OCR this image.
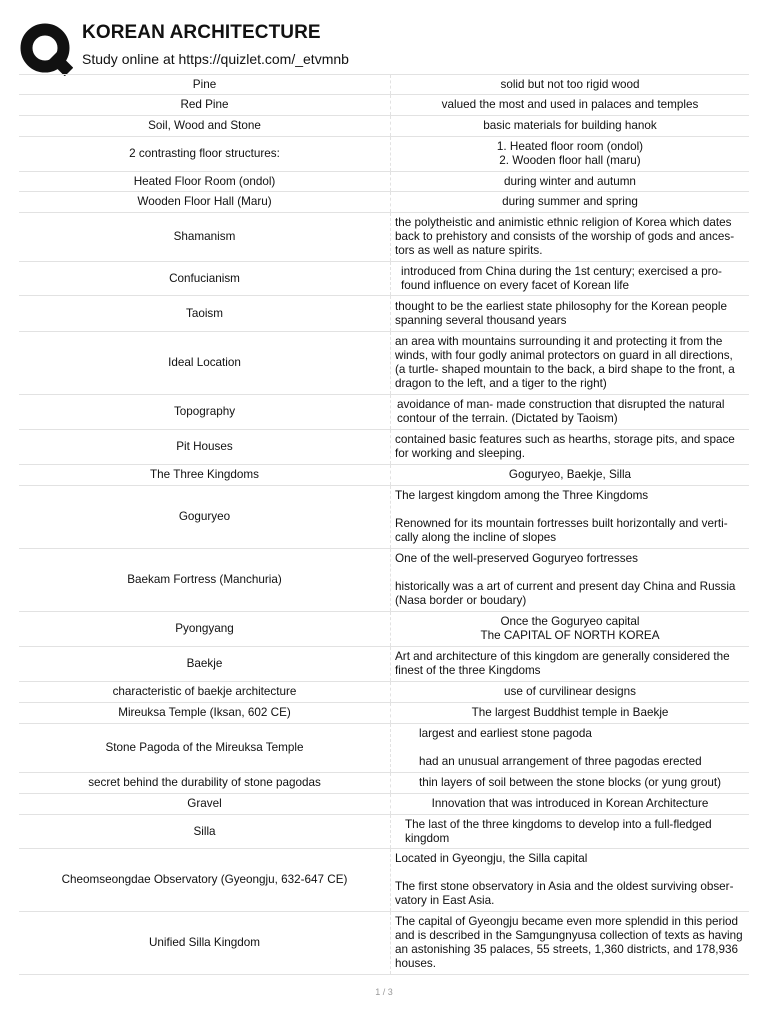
KOREAN ARCHITECTURE

Study online at https://quizlet.com/_etvmnb

Pine	solid but not too rigid wood

Red Pine	valued the most and used in palaces and temples

Soil, Wood and Stone	basic materials for building hanok

2 contrasting floor structures:	1. Heated floor room (ondol)

2. Wooden floor hall (maru)

Heated Floor Room (ondol)	during winter and autumn

Wooden Floor Hall (Maru)	during summer and spring

Shamanism	the polytheistic and animistic ethnic religion of Korea which dates back to prehistory and consists of the worship of gods and ances- tors as well as nature spirits.

Confucianism	introduced from China during the 1st century; exercised a pro- found influence on every facet of Korean life

Taoism	thought to be the earliest state philosophy for the Korean people spanning several thousand years

Ideal Location	an area with mountains surrounding it and protecting it from the winds, with four godly animal protectors on guard in all directions, (a turtle- shaped mountain to the back, a bird shape to the front, a dragon to the left, and a tiger to the right)

Topography	avoidance of man- made construction that disrupted the natural contour of the terrain. (Dictated by Taoism)

Pit Houses	contained basic features such as hearths, storage pits, and space for working and sleeping.

The Three Kingdoms	Goguryeo, Baekje, Silla

Goguryeo	The largest kingdom among the Three Kingdoms

Renowned for its mountain fortresses built horizontally and verti- cally along the incline of slopes

Baekam Fortress (Manchuria)	One of the well-preserved Goguryeo fortresses

historically was a art of current and present day China and Russia (Nasa border or boudary)

Pyongyang	Once the Goguryeo capital

The CAPITAL OF NORTH KOREA

Baekje	Art and architecture of this kingdom are generally considered the finest of the three Kingdoms

characteristic of baekje architecture	use of curvilinear designs

Mireuksa Temple (Iksan, 602 CE)	The largest Buddhist temple in Baekje

Stone Pagoda of the Mireuksa Temple	largest and earliest stone pagoda

had an unusual arrangement of three pagodas erected

secret behind the durability of stone pagodas	thin layers of soil between the stone blocks (or yung grout)

Gravel	Innovation that was introduced in Korean Architecture

Silla	The last of the three kingdoms to develop into a full-fledged kingdom

Cheomseongdae Observatory (Gyeongju, 632-647 CE)	Located in Gyeongju, the Silla capital

The first stone observatory in Asia and the oldest surviving obser- vatory in East Asia.

Unified Silla Kingdom	The capital of Gyeongju became even more splendid in this period and is described in the Samgungnyusa collection of texts as having an astonishing 35 palaces, 55 streets, 1,360 districts, and 178,936 houses.

1 / 3
